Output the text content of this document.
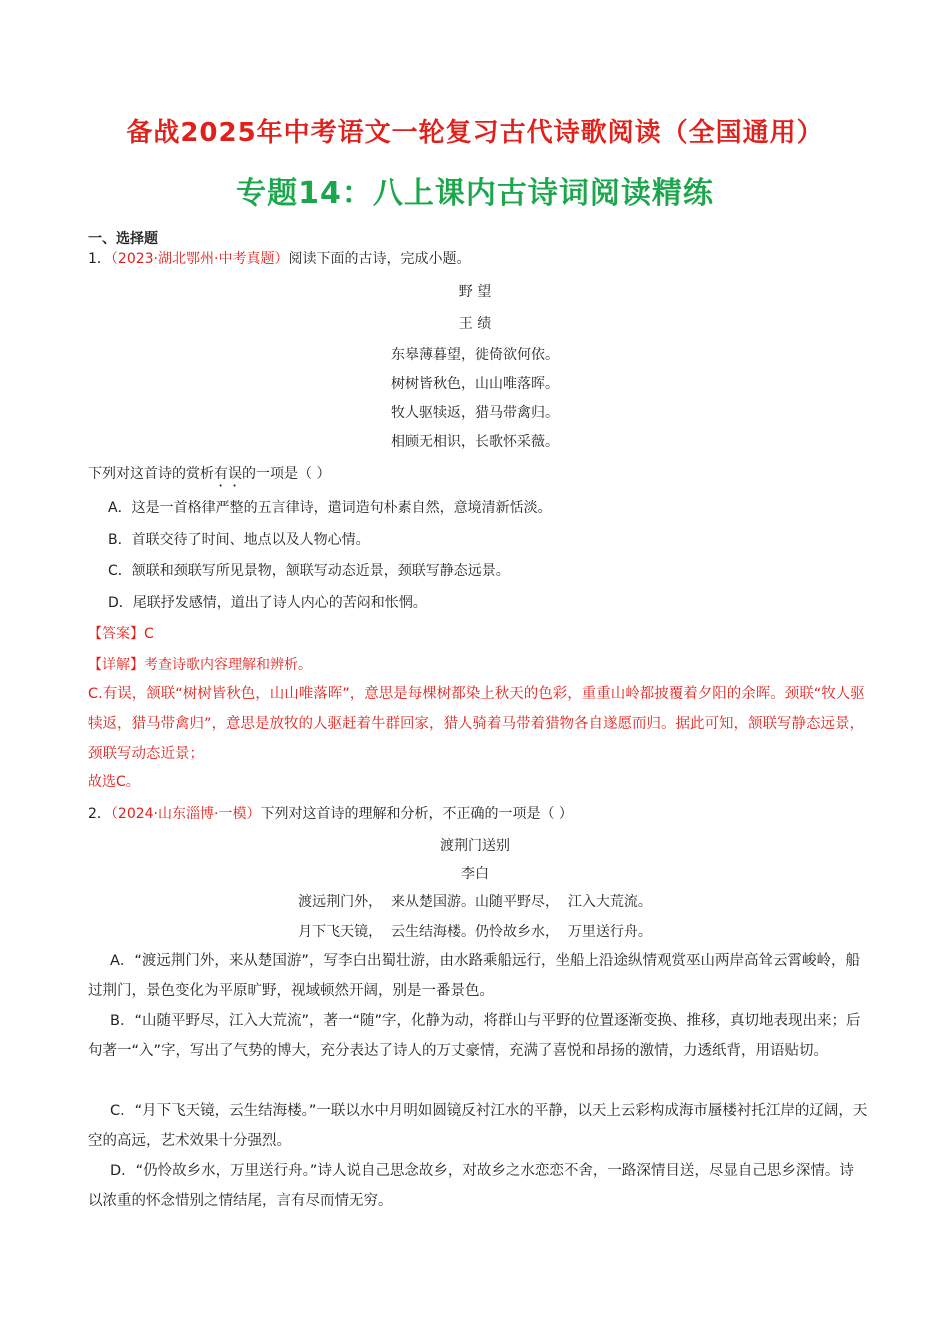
备战2025年中考语文一轮复习古代诗歌阅读（全国通用）
专题14：八上课内古诗词阅读精练
一、选择题
1．（2023·湖北鄂州·中考真题）阅读下面的古诗，完成小题。
野 望
王 绩
东皋薄暮望，徙倚欲何依。
树树皆秋色，山山唯落晖。
牧人驱犊返，猎马带禽归。
相顾无相识，长歌怀采薇。
下列对这首诗的赏析有误的一项是（ ）
A．这是一首格律严整的五言律诗，遣词造句朴素自然，意境清新恬淡。
B．首联交待了时间、地点以及人物心情。
C．颔联和颈联写所见景物，颔联写动态近景，颈联写静态远景。
D．尾联抒发感情，道出了诗人内心的苦闷和怅惘。
【答案】C
【详解】考查诗歌内容理解和辨析。
C.有误，颔联“树树皆秋色，山山唯落晖”，意思是每棵树都染上秋天的色彩，重重山岭都披覆着夕阳的余晖。颈联“牧人驱犊返，猎马带禽归”，意思是放牧的人驱赶着牛群回家，猎人骑着马带着猎物各自遂愿而归。据此可知，颔联写静态远景，颈联写动态近景；
故选C。
2．（2024·山东淄博·一模）下列对这首诗的理解和分析，不正确的一项是（ ）
渡荆门送别
李白
渡远荆门外，  来从楚国游。山随平野尽，  江入大荒流。
月下飞天镜，  云生结海楼。仍怜故乡水，  万里送行舟。
A．“渡远荆门外，来从楚国游”，写李白出蜀壮游，由水路乘船远行，坐船上沿途纵情观赏巫山两岸高耸云霄峻岭，船过荆门，景色变化为平原旷野，视域顿然开阔，别是一番景色。
B．“山随平野尽，江入大荒流”，著一“随”字，化静为动，将群山与平野的位置逐渐变换、推移，真切地表现出来；后句著一“入”字，写出了气势的博大，充分表达了诗人的万丈豪情，充满了喜悦和昂扬的激情，力透纸背，用语贴切。
C．“月下飞天镜，云生结海楼。”一联以水中月明如圆镜反衬江水的平静，以天上云彩构成海市蜃楼衬托江岸的辽阔，天空的高远，艺术效果十分强烈。
D．“仍怜故乡水，万里送行舟。”诗人说自己思念故乡，对故乡之水恋恋不舍，一路深情目送，尽显自己思乡深情。诗以浓重的怀念惜别之情结尾，言有尽而情无穷。
